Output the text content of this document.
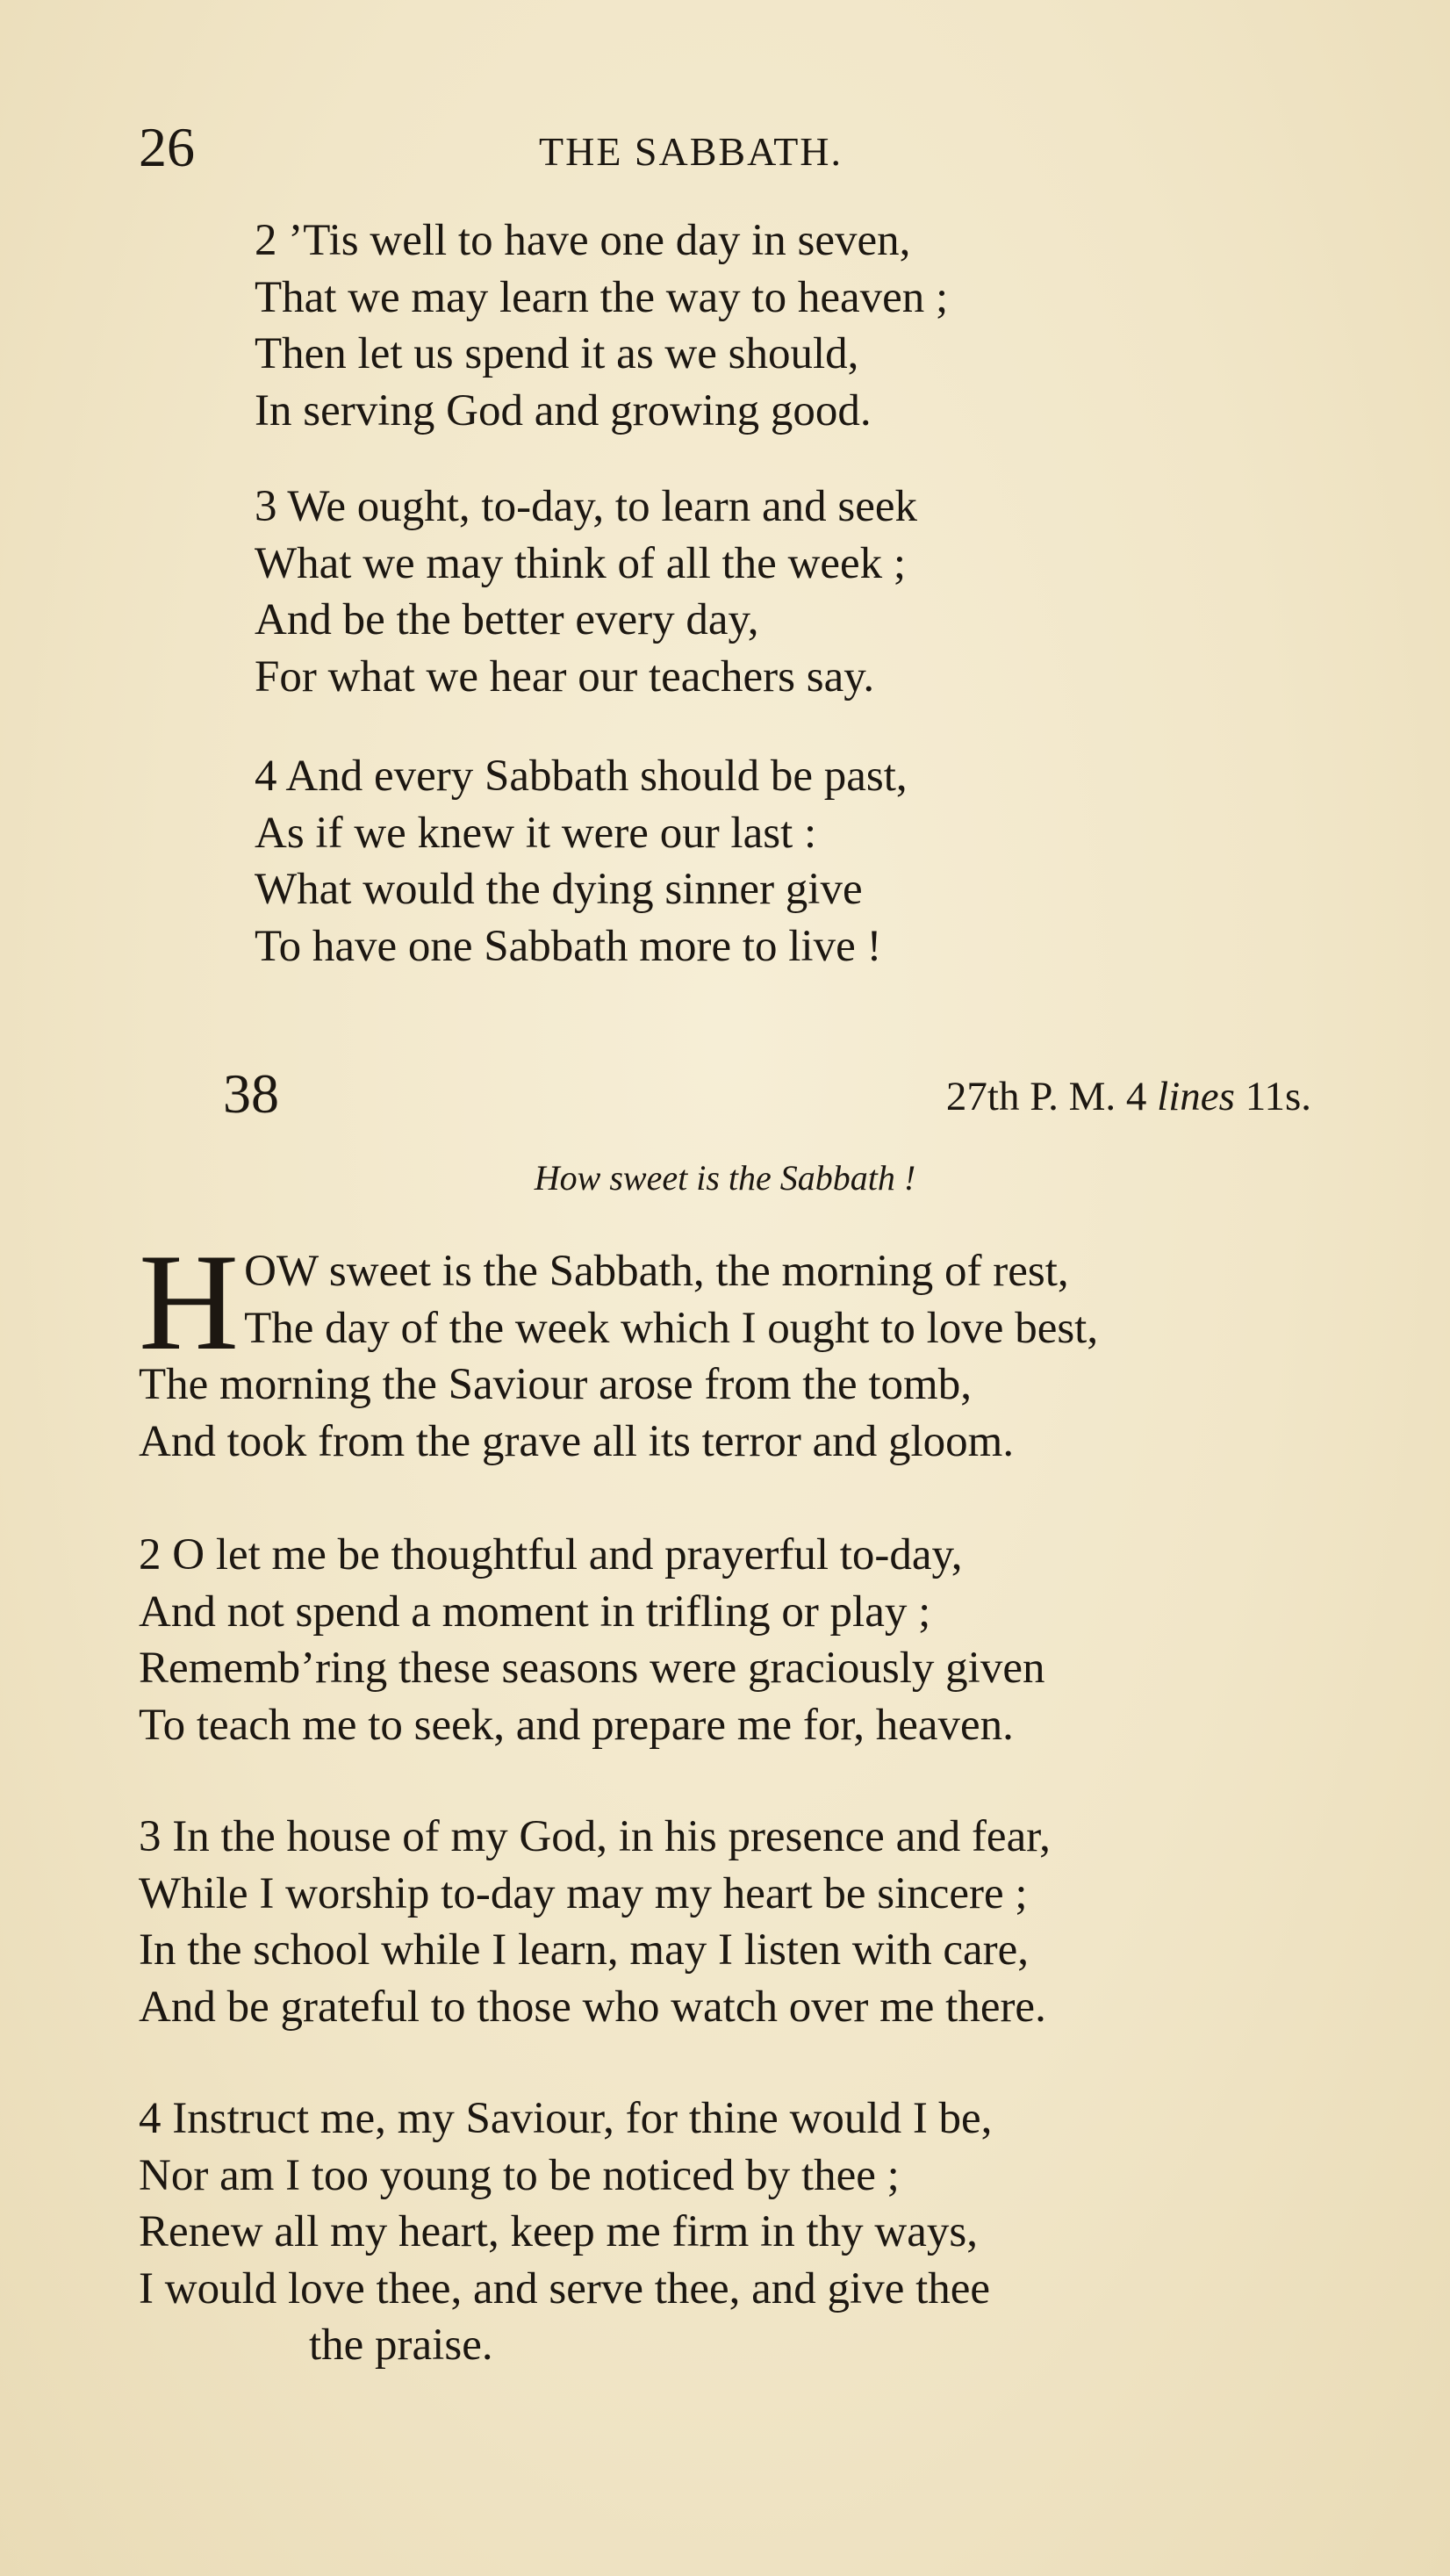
26	THE SABBATH.
2 ’Tis well to have one day in seven,
That we may learn the way to heaven ;
Then let us spend it as we should,
In serving God and growing good.
3 We ought, to-day, to learn and seek
What we may think of all the week ;
And be the better every day,
For what we hear our teachers say.
4 And every Sabbath should be past,
As if we knew it were our last :
What would the dying sinner give
To have one Sabbath more to live !
38	27th P. M. 4 lines 11s.
How sweet is the Sabbath !
H OW sweet is the Sabbath, the morning of rest,
The day of the week which I ought to love best,
The morning the Saviour arose from the tomb,
And took from the grave all its terror and gloom.
2 O let me be thoughtful and prayerful to-day,
And not spend a moment in trifling or play ;
Rememb’ring these seasons were graciously given
To teach me to seek, and prepare me for, heaven.
3 In the house of my God, in his presence and fear,
While I worship to-day may my heart be sincere ;
In the school while I learn, may I listen with care,
And be grateful to those who watch over me there.
4 Instruct me, my Saviour, for thine would I be,
Nor am I too young to be noticed by thee ;
Renew all my heart, keep me firm in thy ways,
I would love thee, and serve thee, and give thee
the praise.
